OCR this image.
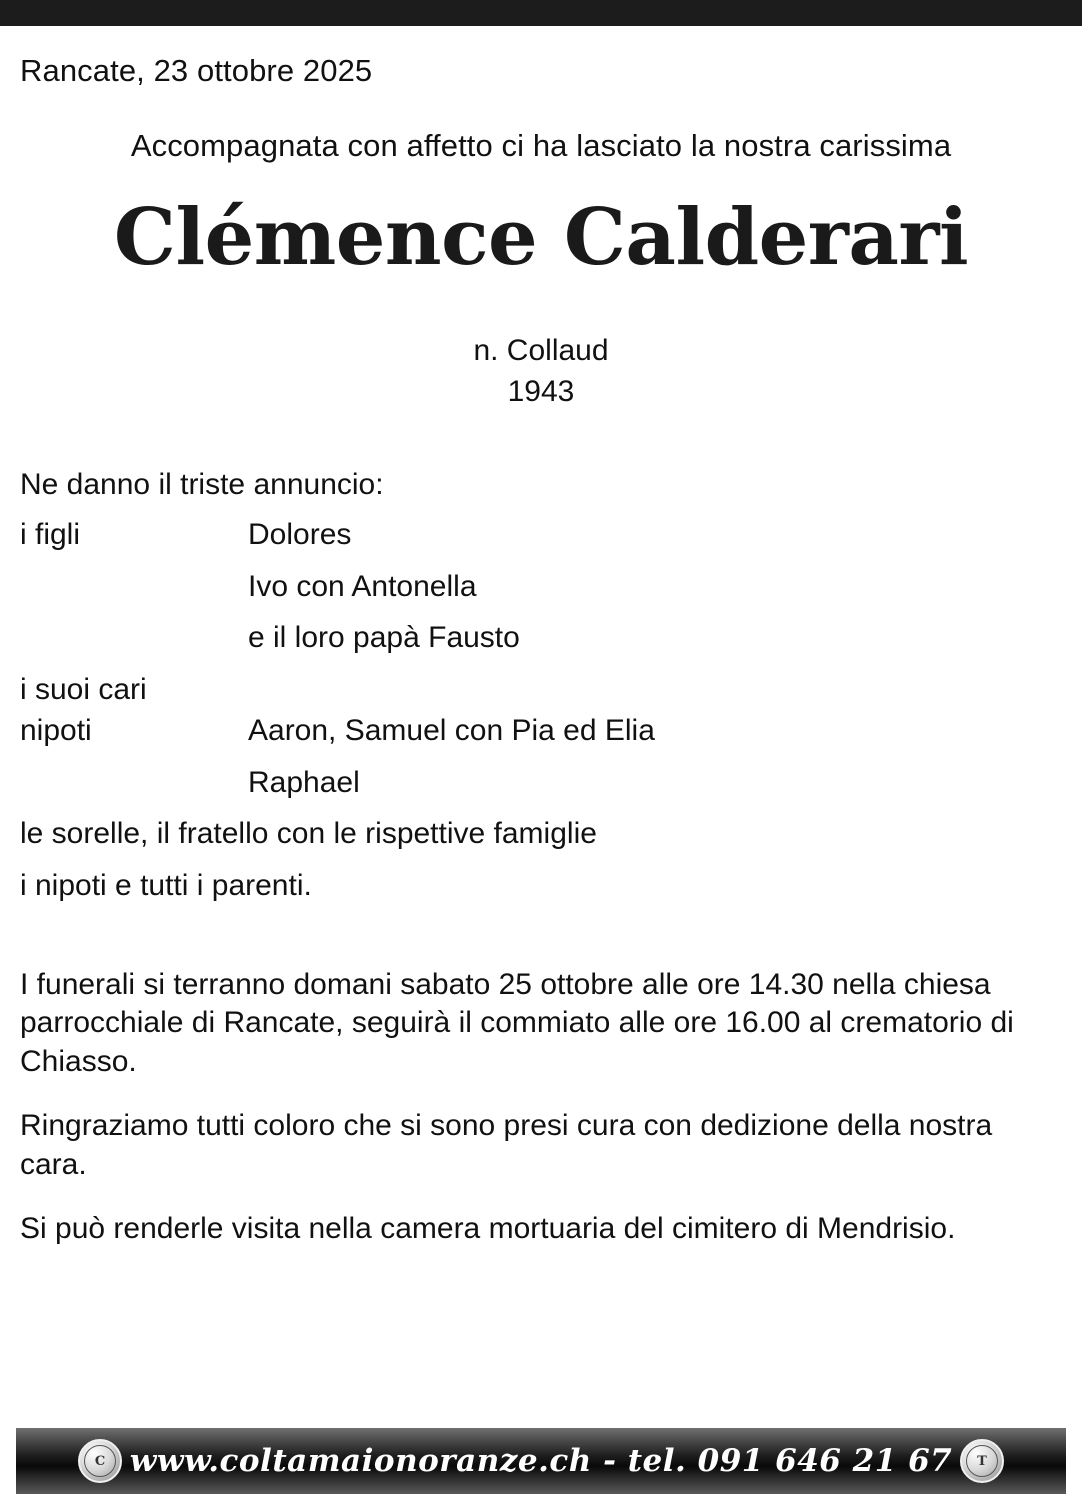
Rancate, 23 ottobre 2025
Accompagnata con affetto ci ha lasciato la nostra carissima
Clémence Calderari
n. Collaud
1943
Ne danno il triste annuncio:
i figli	Dolores
Ivo con Antonella
e il loro papà Fausto
i suoi cari
nipoti	Aaron, Samuel con Pia ed Elia
Raphael
le sorelle, il fratello con le rispettive famiglie
i nipoti e tutti i parenti.

I funerali si terranno domani sabato 25 ottobre alle ore 14.30 nella chiesa parrocchiale di Rancate, seguirà il commiato alle ore 16.00 al crematorio di Chiasso.

Ringraziamo tutti coloro che si sono presi cura con dedizione della nostra cara.

Si può renderle visita nella camera mortuaria del cimitero di Mendrisio.

C www.coltamaionoranze.ch - tel. 091 646 21 67	T
